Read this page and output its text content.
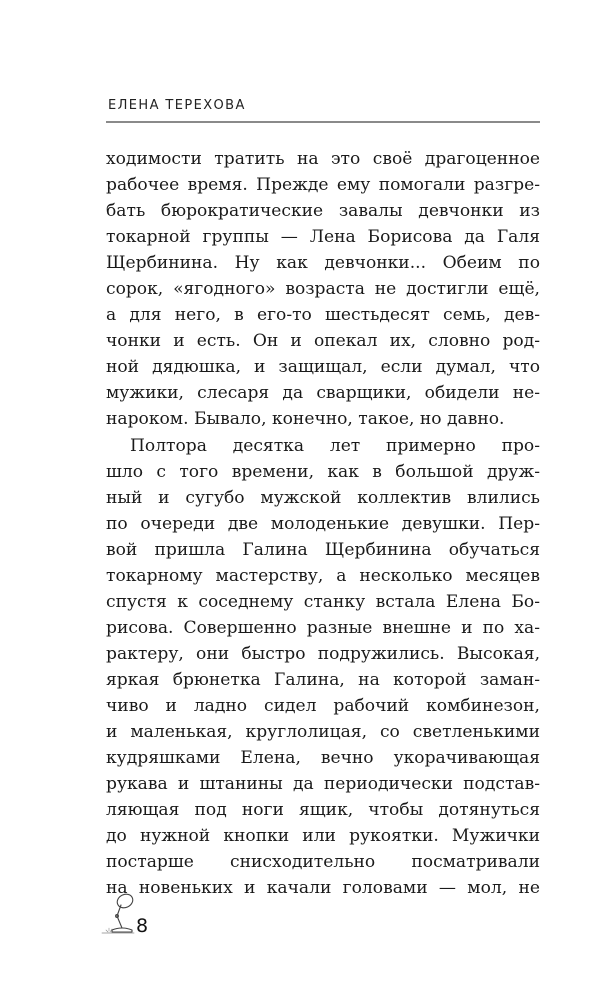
ЕЛЕНА ТЕРЕХОВА
ходимости тратить на это своё драгоценное
рабочее время. Прежде ему помогали разгре-
бать бюрократические завалы девчонки из
токарной группы — Лена Борисова да Галя
Щербинина. Ну как девчонки... Обеим по
сорок, «ягодного» возраста не достигли ещё,
а для него, в его-то шестьдесят семь, дев-
чонки и есть. Он и опекал их, словно род-
ной дядюшка, и защищал, если думал, что
мужики, слесаря да сварщики, обидели не-
нароком. Бывало, конечно, такое, но давно.
Полтора десятка лет примерно про-
шло с того времени, как в большой друж-
ный и сугубо мужской коллектив влились
по очереди две молоденькие девушки. Пер-
вой пришла Галина Щербинина обучаться
токарному мастерству, а несколько месяцев
спустя к соседнему станку встала Елена Бо-
рисова. Совершенно разные внешне и по ха-
рактеру, они быстро подружились. Высокая,
яркая брюнетка Галина, на которой заман-
чиво и ладно сидел рабочий комбинезон,
и маленькая, круглолицая, со светленькими
кудряшками Елена, вечно укорачивающая
рукава и штанины да периодически подстав-
ляющая под ноги ящик, чтобы дотянуться
до нужной кнопки или рукоятки. Мужички
постарше снисходительно посматривали
на новеньких и качали головами — мол, не
8
